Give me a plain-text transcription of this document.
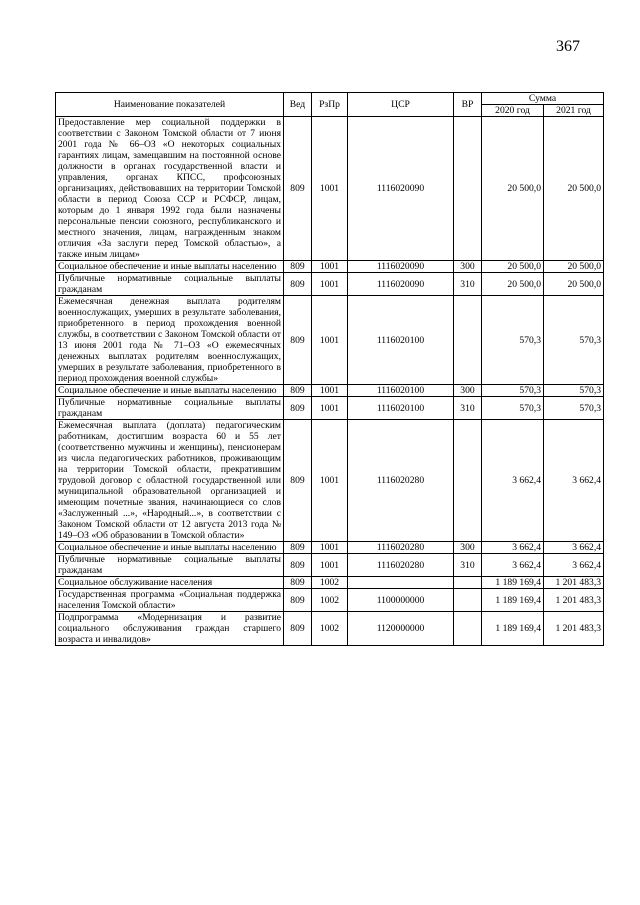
367
Наименование показателей	Вед	РзПр	ЦСР	ВР	Сумма	
					2020 год	2021 год
Предоставление мер социальной поддержки в соответствии с Законом Томской области от 7 июня 2001 года № 66–ОЗ «О некоторых социальных гарантиях лицам, замещавшим на постоянной основе должности в органах государственной власти и управления, органах КПСС, профсоюзных организациях, действовавших на территории Томской области в период Союза ССР и РСФСР, лицам, которым до 1 января 1992 года были назначены персональные пенсии союзного, республиканского и местного значения, лицам, награжденным знаком отличия «За заслуги перед Томской областью», а также иным лицам»	809	1001	1116020090		20 500,0	20 500,0
Социальное обеспечение и иные выплаты населению	809	1001	1116020090	300	20 500,0	20 500,0
Публичные нормативные социальные выплаты гражданам	809	1001	1116020090	310	20 500,0	20 500,0
Ежемесячная денежная выплата родителям военнослужащих, умерших в результате заболевания, приобретенного в период прохождения военной службы, в соответствии с Законом Томской области от 13 июня 2001 года № 71–ОЗ «О ежемесячных денежных выплатах родителям военнослужащих, умерших в результате заболевания, приобретенного в период прохождения военной службы»	809	1001	1116020100		570,3	570,3
Социальное обеспечение и иные выплаты населению	809	1001	1116020100	300	570,3	570,3
Публичные нормативные социальные выплаты гражданам	809	1001	1116020100	310	570,3	570,3
Ежемесячная выплата (доплата) педагогическим работникам, достигшим возраста 60 и 55 лет (соответственно мужчины и женщины), пенсионерам из числа педагогических работников, проживающим на территории Томской области, прекратившим трудовой договор с областной государственной или муниципальной образовательной организацией и имеющим почетные звания, начинающиеся со слов «Заслуженный ...», «Народный...», в соответствии с Законом Томской области от 12 августа 2013 года № 149–ОЗ «Об образовании в Томской области»	809	1001	1116020280		3 662,4	3 662,4
Социальное обеспечение и иные выплаты населению	809	1001	1116020280	300	3 662,4	3 662,4
Публичные нормативные социальные выплаты гражданам	809	1001	1116020280	310	3 662,4	3 662,4
Социальное обслуживание населения	809	1002			1 189 169,4	1 201 483,3
Государственная программа «Социальная поддержка населения Томской области»	809	1002	1100000000		1 189 169,4	1 201 483,3
Подпрограмма «Модернизация и развитие социального обслуживания граждан старшего возраста и инвалидов»	809	1002	1120000000		1 189 169,4	1 201 483,3
